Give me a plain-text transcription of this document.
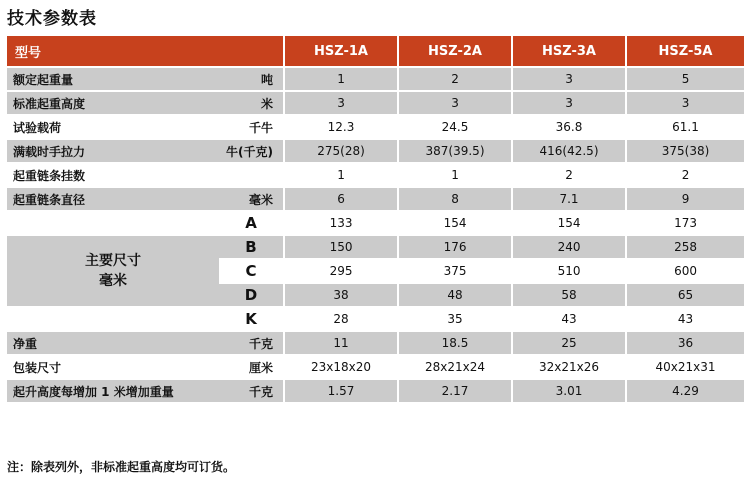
技术参数表
型号		HSZ-1A	HSZ-2A	HSZ-3A	HSZ-5A
额定起重量	吨	1	2	3	5
标准起重高度	米	3	3	3	3
试验载荷	千牛	12.3	24.5	36.8	61.1
满载时手拉力	牛(千克)	275(28)	387(39.5)	416(42.5)	375(38)
起重链条挂数		1	1	2	2
起重链条直径	毫米	6	8	7.1	9
	A	133	154	154	173

主要尺寸
毫米	B	150	176	240	258
	C	295	375	510	600
	D	38	48	58	65
	K	28	35	43	43
净重	千克	11	18.5	25	36
包装尺寸	厘米	23x18x20	28x21x24	32x21x26	40x21x31
起升高度每增加 1 米增加重量	千克	1.57	2.17	3.01	4.29
注：除表列外，非标准起重高度均可订货。
